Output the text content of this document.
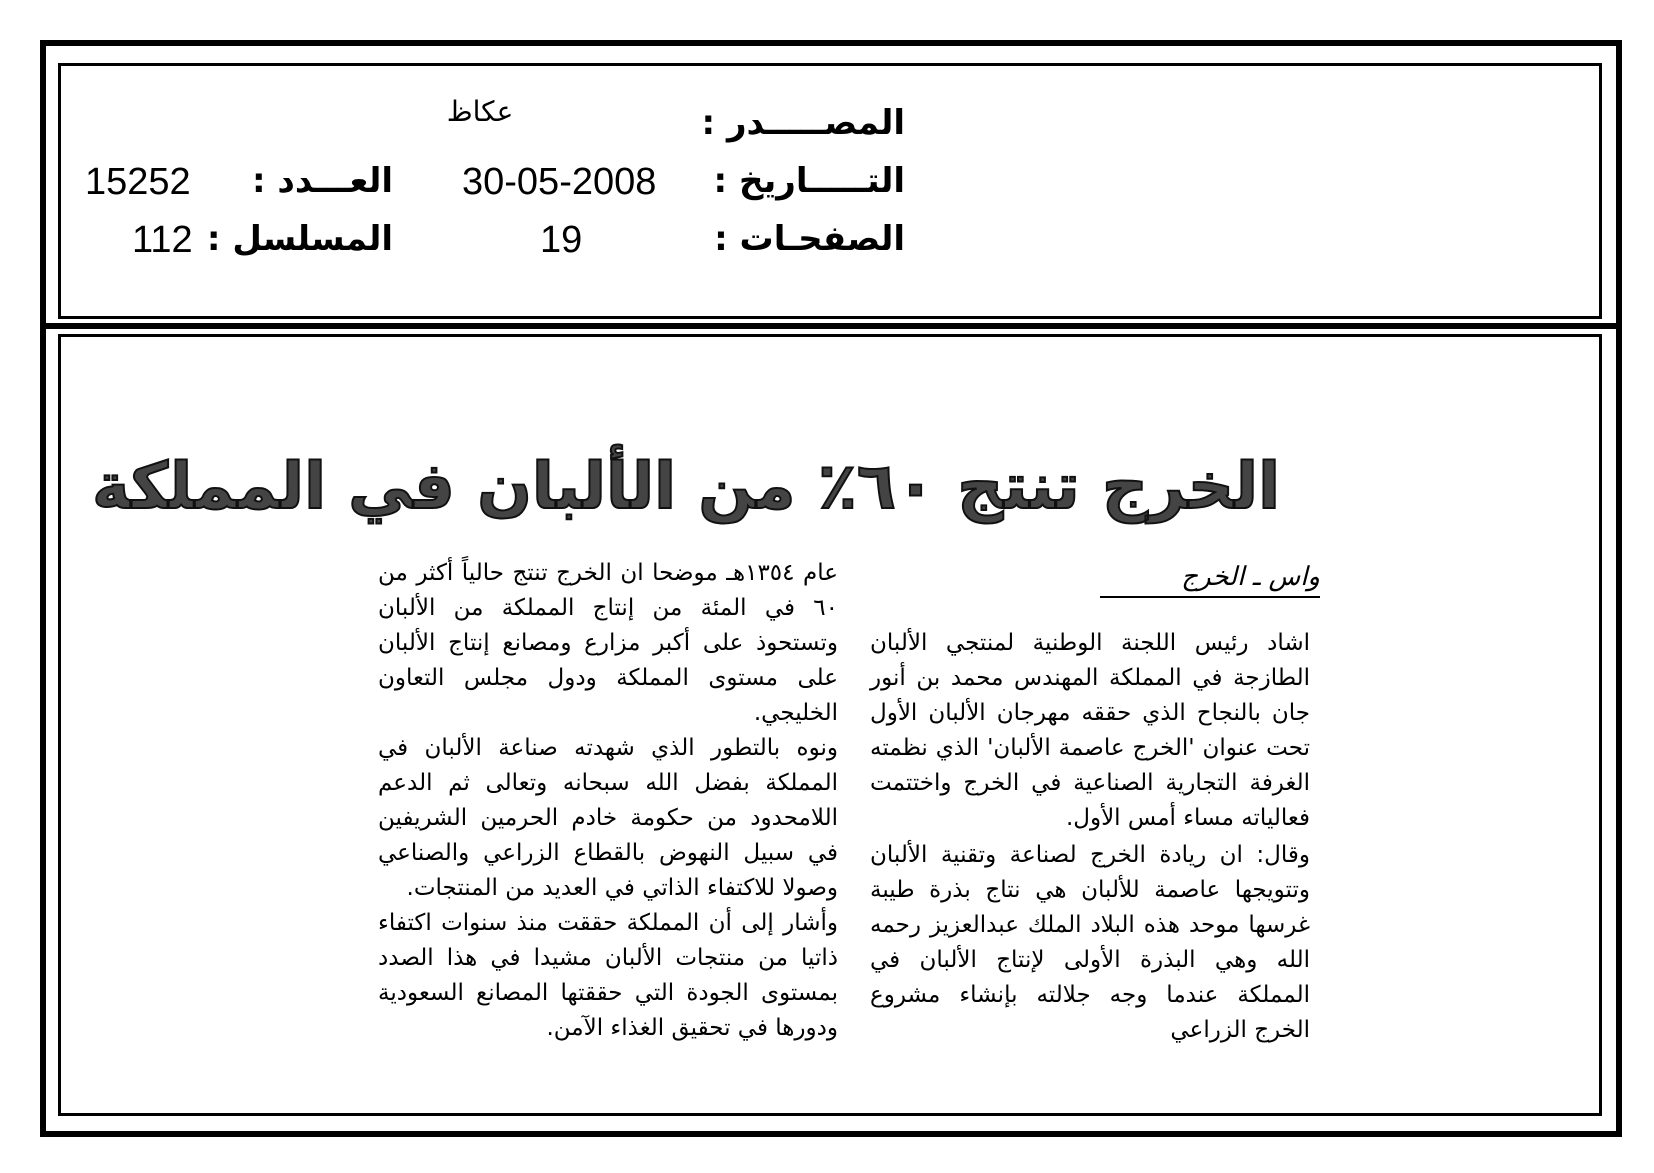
المصـــــدر :
عكاظ
التـــــاريخ :
30-05-2008
العـــدد :
15252
الصفحـات :
19
المسلسل :
112
الخرج تنتج ٦٠٪ من الألبان في المملكة
واس ـ الخرج

اشاد رئيس اللجنة الوطنية لمنتجي الألبان الطازجة في المملكة المهندس محمد بن أنور جان بالنجاح الذي حققه مهرجان الألبان الأول تحت عنوان 'الخرج عاصمة الألبان' الذي نظمته الغرفة التجارية الصناعية في الخرج واختتمت فعالياته مساء أمس الأول.

وقال: ان ريادة الخرج لصناعة وتقنية الألبان وتتويجها عاصمة للألبان هي نتاج بذرة طيبة غرسها موحد هذه البلاد الملك عبدالعزيز رحمه الله وهي البذرة الأولى لإنتاج الألبان في المملكة عندما وجه جلالته بإنشاء مشروع الخرج الزراعي

عام ١٣٥٤هـ موضحا ان الخرج تنتج حالياً أكثر من ٦٠ في المئة من إنتاج المملكة من الألبان وتستحوذ على أكبر مزارع ومصانع إنتاج الألبان على مستوى المملكة ودول مجلس التعاون الخليجي.

ونوه بالتطور الذي شهدته صناعة الألبان في المملكة بفضل الله سبحانه وتعالى ثم الدعم اللامحدود من حكومة خادم الحرمين الشريفين في سبيل النهوض بالقطاع الزراعي والصناعي وصولا للاكتفاء الذاتي في العديد من المنتجات.

وأشار إلى أن المملكة حققت منذ سنوات اكتفاء ذاتيا من منتجات الألبان مشيدا في هذا الصدد بمستوى الجودة التي حققتها المصانع السعودية ودورها في تحقيق الغذاء الآمن.
